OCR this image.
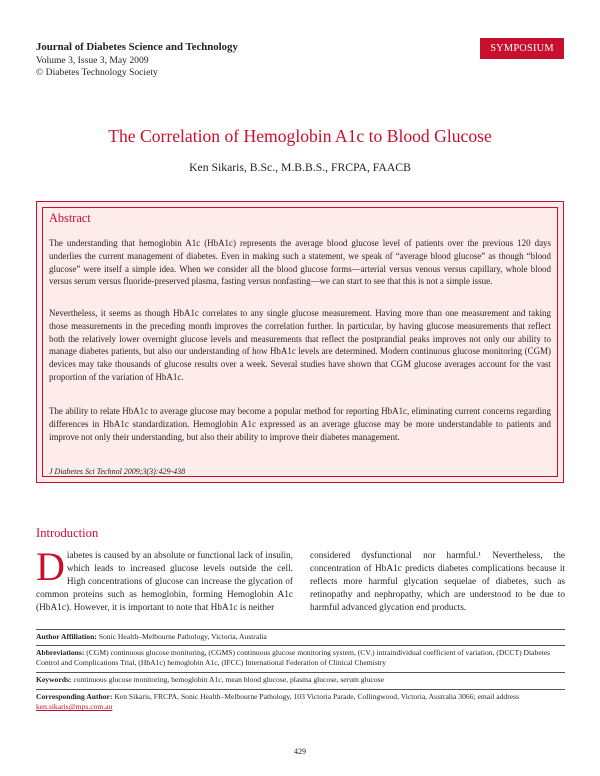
Journal of Diabetes Science and Technology
Volume 3, Issue 3, May 2009
© Diabetes Technology Society
SYMPOSIUM
The Correlation of Hemoglobin A1c to Blood Glucose
Ken Sikaris, B.Sc., M.B.B.S., FRCPA, FAACB
Abstract
The understanding that hemoglobin A1c (HbA1c) represents the average blood glucose level of patients over the previous 120 days underlies the current management of diabetes. Even in making such a statement, we speak of “average blood glucose” as though “blood glucose” were itself a simple idea. When we consider all the blood glucose forms—arterial versus venous versus capillary, whole blood versus serum versus fluoride-preserved plasma, fasting versus nonfasting—we can start to see that this is not a simple issue.
Nevertheless, it seems as though HbA1c correlates to any single glucose measurement. Having more than one measurement and taking those measurements in the preceding month improves the correlation further. In particular, by having glucose measurements that reflect both the relatively lower overnight glucose levels and measurements that reflect the postprandial peaks improves not only our ability to manage diabetes patients, but also our understanding of how HbA1c levels are determined. Modern continuous glucose monitoring (CGM) devices may take thousands of glucose results over a week. Several studies have shown that CGM glucose averages account for the vast proportion of the variation of HbA1c.
The ability to relate HbA1c to average glucose may become a popular method for reporting HbA1c, eliminating current concerns regarding differences in HbA1c standardization. Hemoglobin A1c expressed as an average glucose may be more understandable to patients and improve not only their understanding, but also their ability to improve their diabetes management.
J Diabetes Sci Technol 2009;3(3):429-438
Introduction
D iabetes is caused by an absolute or functional lack of insulin, which leads to increased glucose levels outside the cell. High concentrations of glucose can increase the glycation of common proteins such as hemoglobin, forming Hemoglobin A1c (HbA1c). However, it is important to note that HbA1c is neither
considered dysfunctional nor harmful.¹ Nevertheless, the concentration of HbA1c predicts diabetes complications because it reflects more harmful glycation sequelae of diabetes, such as retinopathy and nephropathy, which are understood to be due to harmful advanced glycation end products.
Author Affiliation: Sonic Health–Melbourne Pathology, Victoria, Australia
Abbreviations: (CGM) continuous glucose monitoring, (CGMS) continuous glucose monitoring system, (CVᵢ) intraindividual coefficient of variation, (DCCT) Diabetes Control and Complications Trial, (HbA1c) hemoglobin A1c, (IFCC) International Federation of Clinical Chemistry
Keywords: continuous glucose monitoring, hemoglobin A1c, mean blood glucose, plasma glucose, serum glucose
Corresponding Author: Ken Sikaris, FRCPA, Sonic Health–Melbourne Pathology, 103 Victoria Parade, Collingwood, Victoria, Australia 3066; email address ken.sikaris@mps.com.au
429
